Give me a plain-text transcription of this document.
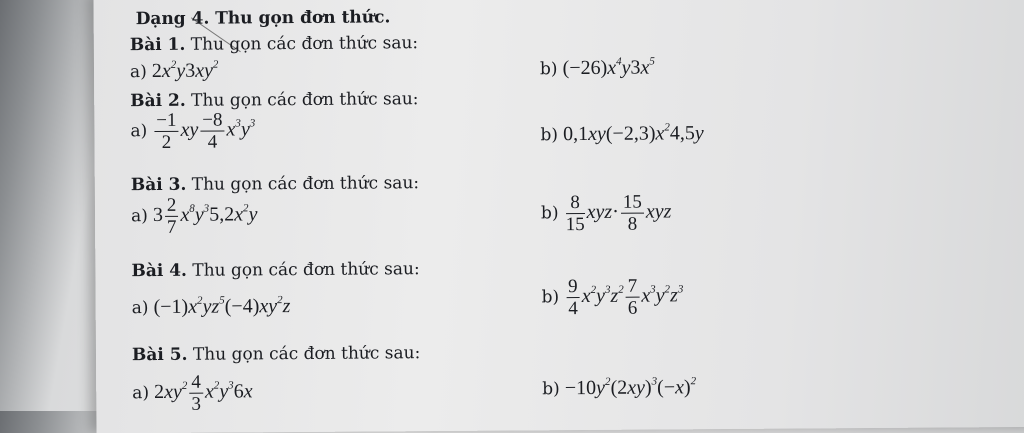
Dạng 4. Thu gọn đơn thức.
Bài 1. Thu gọn các đơn thức sau:
a) $2x^2y3xy^2$	b) $(-26)x^4y3x^5$
Bài 2. Thu gọn các đơn thức sau:
$a) \frac{-1}{2}$ xy $\frac{-8}{4} x^3y^3$
b) $0,1xy(-2,3)x^24,5y$
Bài 3. Thu gọn các đơn thức sau:
a) $3 \frac{2}{7} x^8y^35,2x^2y$	$b) \frac{8}{15} xyz\cdot \frac{15}{8}$ xyz
Bài 4. Thu gọn các đơn thức sau:
a) $(-1)x^2yz^5(-4)xy^2z$	$b) \frac{9}{4} x^2y^3z^2 \frac{7}{6} x^3y^2z^3$
Bài 5. Thu gọn các đơn thức sau:
a) $2xy^2 \frac{4}{3} x^2y^36x$	$b) -10y^2(2xy)^3(-x)^2$
